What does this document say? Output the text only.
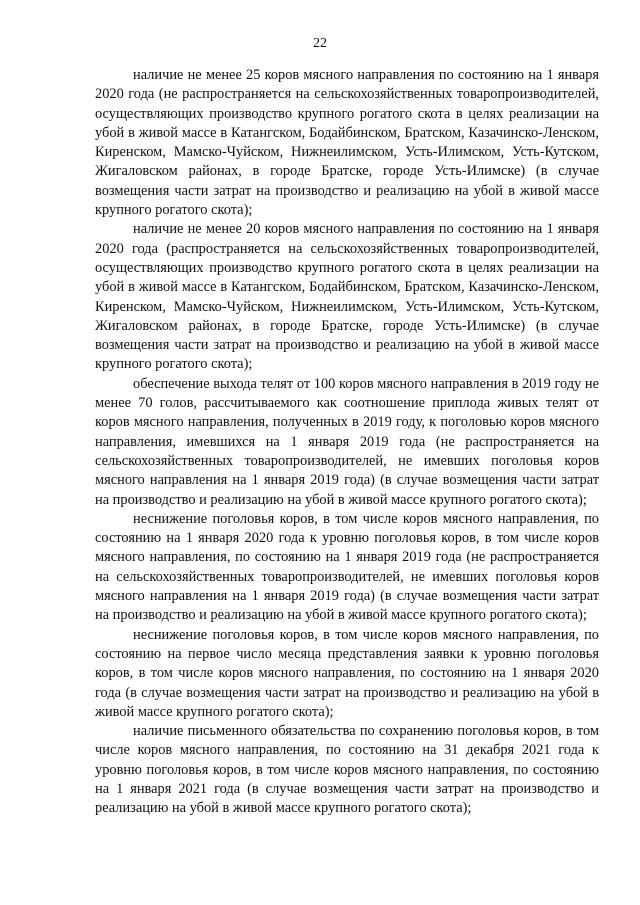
22

наличие не менее 25 коров мясного направления по состоянию на 1 января 2020 года (не распространяется на сельскохозяйственных товаропроизводителей, осуществляющих производство крупного рогатого скота в целях реализации на убой в живой массе в Катангском, Бодайбинском, Братском, Казачинско-Ленском, Киренском, Мамско-Чуйском, Нижнеилимском, Усть-Илимском, Усть-Кутском, Жигаловском районах, в городе Братске, городе Усть-Илимске) (в случае возмещения части затрат на производство и реализацию на убой в живой массе крупного рогатого скота);

наличие не менее 20 коров мясного направления по состоянию на 1 января 2020 года (распространяется на сельскохозяйственных товаропроизводителей, осуществляющих производство крупного рогатого скота в целях реализации на убой в живой массе в Катангском, Бодайбинском, Братском, Казачинско-Ленском, Киренском, Мамско-Чуйском, Нижнеилимском, Усть-Илимском, Усть-Кутском, Жигаловском районах, в городе Братске, городе Усть-Илимске) (в случае возмещения части затрат на производство и реализацию на убой в живой массе крупного рогатого скота);

обеспечение выхода телят от 100 коров мясного направления в 2019 году не менее 70 голов, рассчитываемого как соотношение приплода живых телят от коров мясного направления, полученных в 2019 году, к поголовью коров мясного направления, имевшихся на 1 января 2019 года (не распространяется на сельскохозяйственных товаропроизводителей, не имевших поголовья коров мясного направления на 1 января 2019 года) (в случае возмещения части затрат на производство и реализацию на убой в живой массе крупного рогатого скота);

неснижение поголовья коров, в том числе коров мясного направления, по состоянию на 1 января 2020 года к уровню поголовья коров, в том числе коров мясного направления, по состоянию на 1 января 2019 года (не распространяется на сельскохозяйственных товаропроизводителей, не имевших поголовья коров мясного направления на 1 января 2019 года) (в случае возмещения части затрат на производство и реализацию на убой в живой массе крупного рогатого скота);

неснижение поголовья коров, в том числе коров мясного направления, по состоянию на первое число месяца представления заявки к уровню поголовья коров, в том числе коров мясного направления, по состоянию на 1 января 2020 года (в случае возмещения части затрат на производство и реализацию на убой в живой массе крупного рогатого скота);

наличие письменного обязательства по сохранению поголовья коров, в том числе коров мясного направления, по состоянию на 31 декабря 2021 года к уровню поголовья коров, в том числе коров мясного направления, по состоянию на 1 января 2021 года (в случае возмещения части затрат на производство и реализацию на убой в живой массе крупного рогатого скота);
